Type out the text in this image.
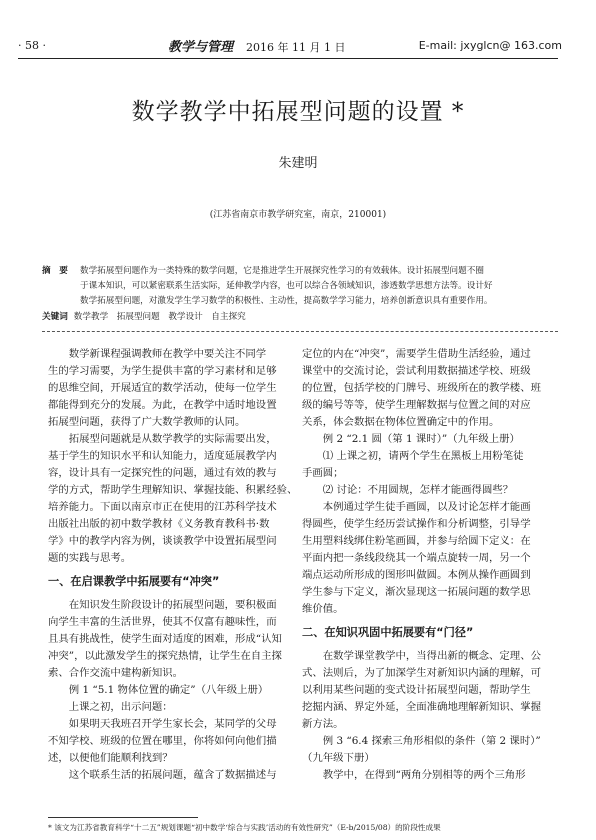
· 58 ·	教学与管理 2016 年 11 月 1 日	E-mail: jxyglcn@ 163.com
数学教学中拓展型问题的设置 *
朱建明
(江苏省南京市教学研究室，南京，210001)
摘　要 数学拓展型问题作为一类特殊的数学问题，它是推进学生开展探究性学习的有效载体。设计拓展型问题不圈
于课本知识，可以紧密联系生活实际，延伸教学内容，也可以综合各领域知识，渗透数学思想方法等。设计好
数学拓展型问题，对激发学生学习数学的积极性、主动性，提高数学学习能力，培养创新意识具有重要作用。
关键词 数学教学　拓展型问题　教学设计　自主探究
　　数学新课程强调教师在教学中要关注不同学
生的学习需要，为学生提供丰富的学习素材和足够
的思维空间，开展适宜的数学活动，使每一位学生
都能得到充分的发展。为此，在教学中适时地设置
拓展型问题，获得了广大数学教师的认同。
　　拓展型问题就是从数学教学的实际需要出发，
基于学生的知识水平和认知能力，适度延展教学内
容，设计具有一定探究性的问题，通过有效的教与
学的方式，帮助学生理解知识、掌握技能、积累经验、
培养能力。下面以南京市正在使用的江苏科学技术
出版社出版的初中数学教材《义务教育教科书·数
学》中的教学内容为例，谈谈教学中设置拓展型问
题的实践与思考。
一、在启课教学中拓展要有“冲突”
　　在知识发生阶段设计的拓展型问题，要积极面
向学生丰富的生活世界，使其不仅富有趣味性，而
且具有挑战性，使学生面对适度的困难，形成“认知
冲突”，以此激发学生的探究热情，让学生在自主探
索、合作交流中建构新知识。
　　例 1 “5.1 物体位置的确定”（八年级上册）
　　上课之初，出示问题：
　　如果明天我班召开学生家长会，某同学的父母
不知学校、班级的位置在哪里，你将如何向他们描
述，以便他们能顺利找到？
　　这个联系生活的拓展问题，蕴含了数据描述与
定位的内在“冲突”，需要学生借助生活经验，通过
课堂中的交流讨论，尝试利用数据描述学校、班级
的位置，包括学校的门牌号、班级所在的教学楼、班
级的编号等等，使学生理解数据与位置之间的对应
关系，体会数据在物体位置确定中的作用。
　　例 2 “2.1 圆（第 1 课时）”（九年级上册）
　　⑴ 上课之初，请两个学生在黑板上用粉笔徒
手画圆；
　　⑵ 讨论：不用圆规，怎样才能画得圆些？
　　本例通过学生徒手画圆，以及讨论怎样才能画
得圆些，使学生经历尝试操作和分析调整，引导学
生用塑料线绑住粉笔画圆，并参与给圆下定义：在
平面内把一条线段绕其一个端点旋转一周，另一个
端点运动所形成的图形叫做圆。本例从操作画圆到
学生参与下定义，渐次显现这一拓展问题的数学思
维价值。
二、在知识巩固中拓展要有“门径”
　　在数学课堂教学中，当得出新的概念、定理、公
式、法则后，为了加深学生对新知识内涵的理解，可
以利用某些问题的变式设计拓展型问题，帮助学生
挖掘内涵、界定外延，全面准确地理解新知识、掌握
新方法。
　　例 3 “6.4 探索三角形相似的条件（第 2 课时）”
（九年级下册）
　　教学中，在得到“两角分别相等的两个三角形
* 该文为江苏省教育科学“十二五”规划课题“初中数学‘综合与实践’活动的有效性研究”（E-b/2015/08）的阶段性成果
